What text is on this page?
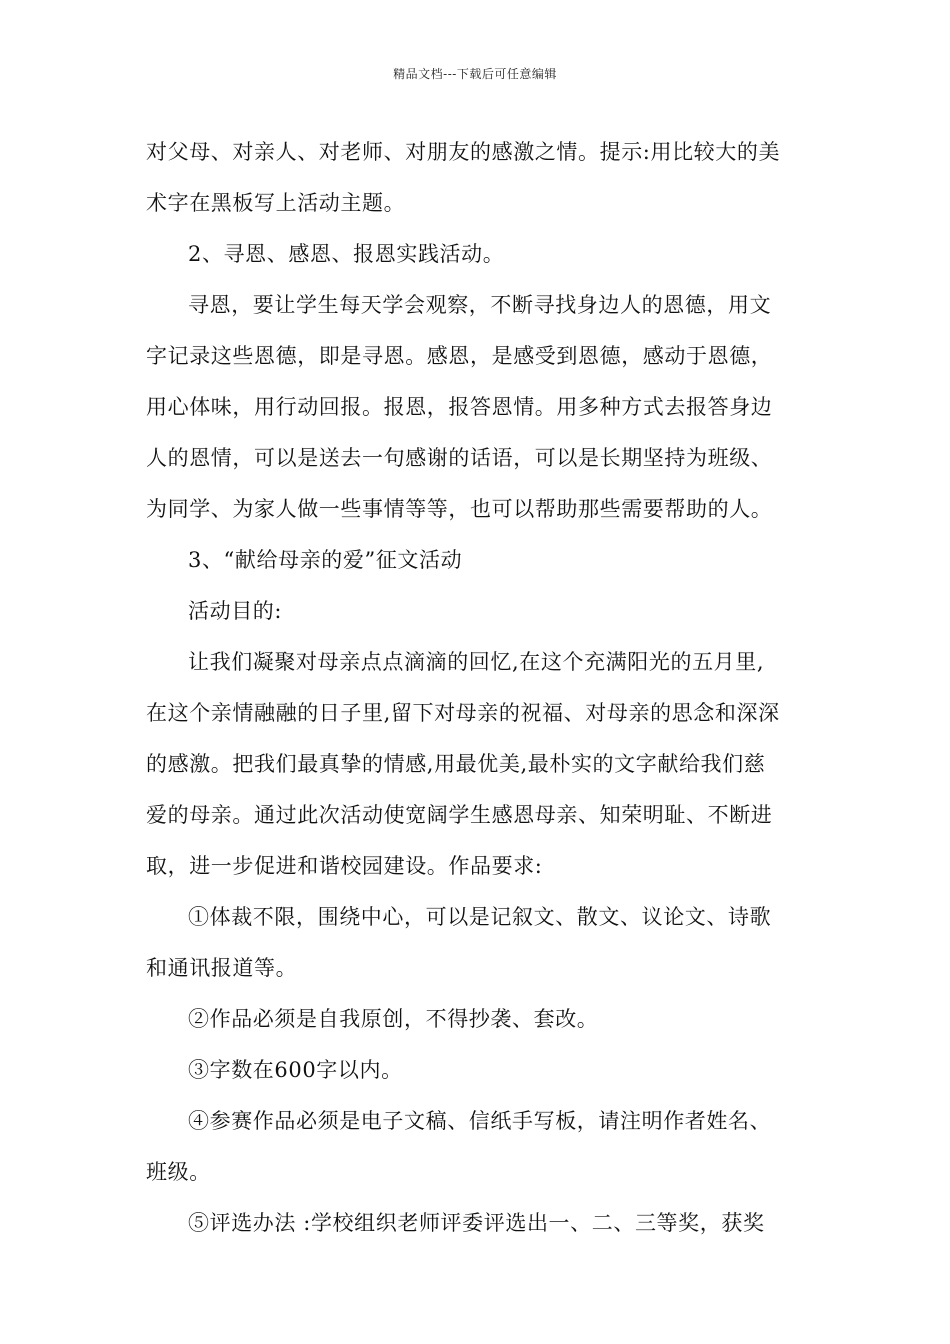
精品文档---下载后可任意编辑

对父母、对亲人、对老师、对朋友的感激之情。提示:用比较大的美

术字在黑板写上活动主题。

2、寻恩、感恩、报恩实践活动。

寻恩，要让学生每天学会观察，不断寻找身边人的恩德，用文

字记录这些恩德，即是寻恩。感恩，是感受到恩德，感动于恩德，

用心体味，用行动回报。报恩，报答恩情。用多种方式去报答身边

人的恩情，可以是送去一句感谢的话语，可以是长期坚持为班级、

为同学、为家人做一些事情等等，也可以帮助那些需要帮助的人。

3、“献给母亲的爱”征文活动

活动目的:

让我们凝聚对母亲点点滴滴的回忆,在这个充满阳光的五月里,

在这个亲情融融的日子里,留下对母亲的祝福、对母亲的思念和深深

的感激。把我们最真挚的情感,用最优美,最朴实的文字献给我们慈

爱的母亲。通过此次活动使宽阔学生感恩母亲、知荣明耻、不断进

取，进一步促进和谐校园建设。作品要求:

①体裁不限，围绕中心，可以是记叙文、散文、议论文、诗歌

和通讯报道等。

②作品必须是自我原创，不得抄袭、套改。

③字数在600字以内。

④参赛作品必须是电子文稿、信纸手写板，请注明作者姓名、

班级。

⑤评选办法 :学校组织老师评委评选出一、二、三等奖，获奖
